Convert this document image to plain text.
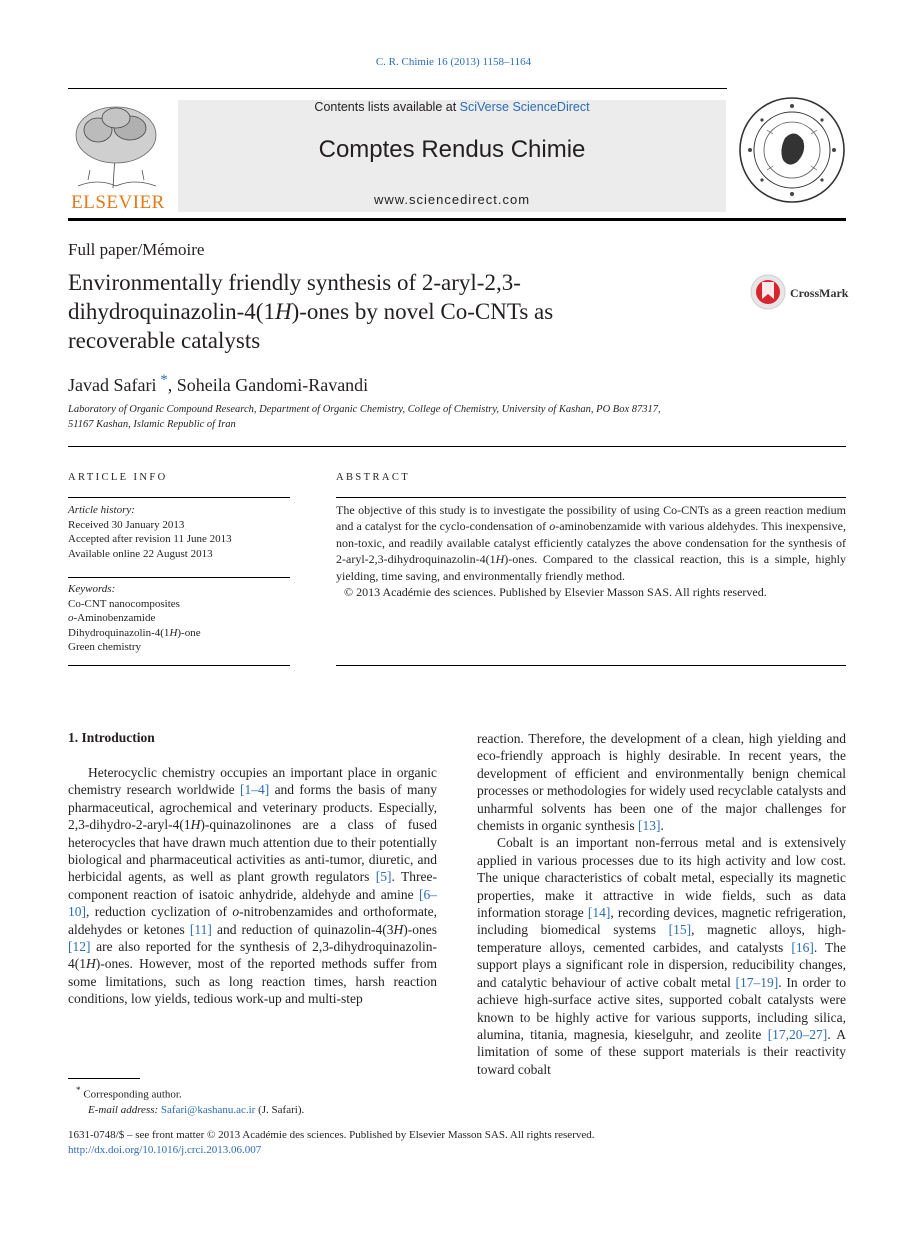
C. R. Chimie 16 (2013) 1158–1164
ELSEVIER
Contents lists available at SciVerse ScienceDirect
Comptes Rendus Chimie
www.sciencedirect.com
Full paper/Mémoire
Environmentally friendly synthesis of 2-aryl-2,3-
dihydroquinazolin-4(1H)-ones by novel Co-CNTs as
recoverable catalysts
CrossMark
Javad Safari *, Soheila Gandomi-Ravandi
Laboratory of Organic Compound Research, Department of Organic Chemistry, College of Chemistry, University of Kashan, PO Box 87317,
51167 Kashan, Islamic Republic of Iran
ARTICLE INFO
Article history:
Received 30 January 2013
Accepted after revision 11 June 2013
Available online 22 August 2013
Keywords:
Co-CNT nanocomposites
o-Aminobenzamide
Dihydroquinazolin-4(1H)-one
Green chemistry
ABSTRACT
The objective of this study is to investigate the possibility of using Co-CNTs as a green reaction medium and a catalyst for the cyclo-condensation of o-aminobenzamide with various aldehydes. This inexpensive, non-toxic, and readily available catalyst efficiently catalyzes the above condensation for the synthesis of 2-aryl-2,3-dihydroquinazolin-4(1H)-ones. Compared to the classical reaction, this is a simple, highly yielding, time saving, and environmentally friendly method.
© 2013 Académie des sciences. Published by Elsevier Masson SAS. All rights reserved.
1. Introduction

Heterocyclic chemistry occupies an important place in organic chemistry research worldwide [1–4] and forms the basis of many pharmaceutical, agrochemical and veterinary products. Especially, 2,3-dihydro-2-aryl-4(1H)-quinazolinones are a class of fused heterocycles that have drawn much attention due to their potentially biological and pharmaceutical activities as anti-tumor, diuretic, and herbicidal agents, as well as plant growth regulators [5]. Three-component reaction of isatoic anhydride, aldehyde and amine [6–10], reduction cyclization of o-nitrobenzamides and orthoformate, aldehydes or ketones [11] and reduction of quinazolin-4(3H)-ones [12] are also reported for the synthesis of 2,3-dihydroquinazolin-4(1H)-ones. However, most of the reported methods suffer from some limitations, such as long reaction times, harsh reaction conditions, low yields, tedious work-up and multi-step

reaction. Therefore, the development of a clean, high yielding and eco-friendly approach is highly desirable. In recent years, the development of efficient and environmentally benign chemical processes or methodologies for widely used recyclable catalysts and unharmful solvents has been one of the major challenges for chemists in organic synthesis [13].

Cobalt is an important non-ferrous metal and is extensively applied in various processes due to its high activity and low cost. The unique characteristics of cobalt metal, especially its magnetic properties, make it attractive in wide fields, such as data information storage [14], recording devices, magnetic refrigeration, including biomedical systems [15], magnetic alloys, high-temperature alloys, cemented carbides, and catalysts [16]. The support plays a significant role in dispersion, reducibility changes, and catalytic behaviour of active cobalt metal [17–19]. In order to achieve high-surface active sites, supported cobalt catalysts were known to be highly active for various supports, including silica, alumina, titania, magnesia, kieselguhr, and zeolite [17,20–27]. A limitation of some of these support materials is their reactivity toward cobalt

* Corresponding author.
E-mail address: Safari@kashanu.ac.ir (J. Safari).
1631-0748/$ – see front matter © 2013 Académie des sciences. Published by Elsevier Masson SAS. All rights reserved.
http://dx.doi.org/10.1016/j.crci.2013.06.007
